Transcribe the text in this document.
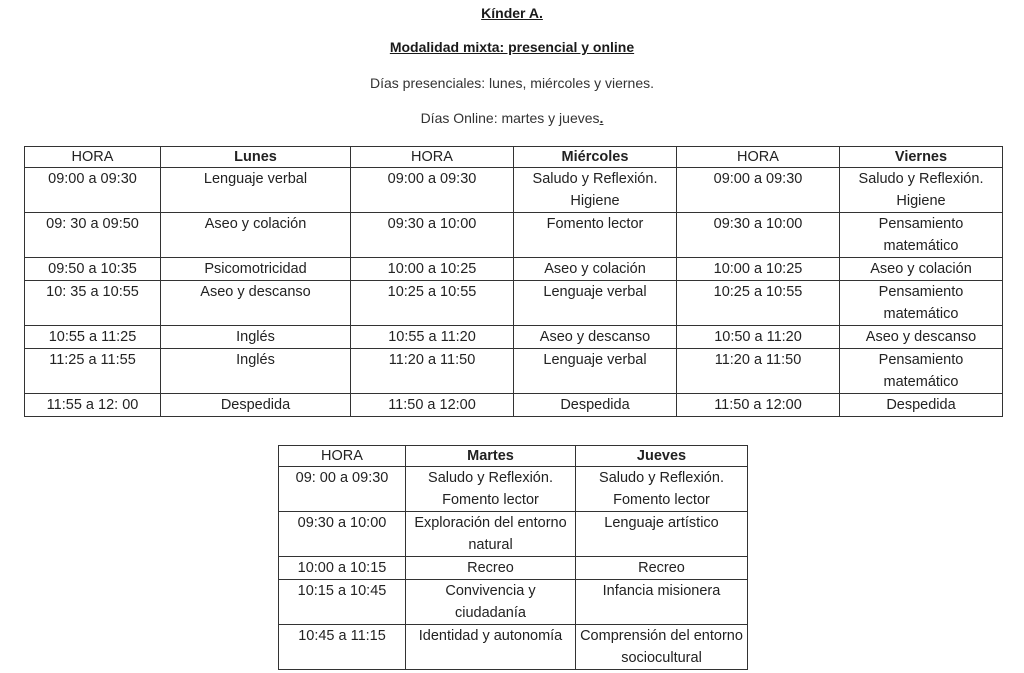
Kínder A.
Modalidad mixta: presencial y online
Días presenciales: lunes, miércoles y viernes.
Días Online: martes y jueves.
HORA	Lunes	HORA	Miércoles	HORA	Viernes
09:00 a 09:30	Lenguaje verbal	09:00 a 09:30	Saludo y Reflexión. Higiene	09:00 a 09:30	Saludo y Reflexión. Higiene
09: 30 a 09:50	Aseo y colación	09:30 a 10:00	Fomento lector	09:30 a 10:00	Pensamiento matemático
09:50 a 10:35	Psicomotricidad	10:00 a 10:25	Aseo y colación	10:00 a 10:25	Aseo y colación
10: 35 a 10:55	Aseo y descanso	10:25 a 10:55	Lenguaje verbal	10:25 a 10:55	Pensamiento matemático
10:55 a 11:25	Inglés	10:55 a 11:20	Aseo y descanso	10:50 a 11:20	Aseo y descanso
11:25 a 11:55	Inglés	11:20 a 11:50	Lenguaje verbal	11:20 a 11:50	Pensamiento matemático
11:55 a 12: 00	Despedida	11:50 a 12:00	Despedida	11:50 a 12:00	Despedida
HORA	Martes	Jueves
09: 00 a 09:30	Saludo y Reflexión. Fomento lector	Saludo y Reflexión. Fomento lector
09:30 a 10:00	Exploración del entorno natural	Lenguaje artístico
10:00 a 10:15	Recreo	Recreo
10:15 a 10:45	Convivencia y ciudadanía	Infancia misionera
10:45 a 11:15	Identidad y autonomía	Comprensión del entorno sociocultural
